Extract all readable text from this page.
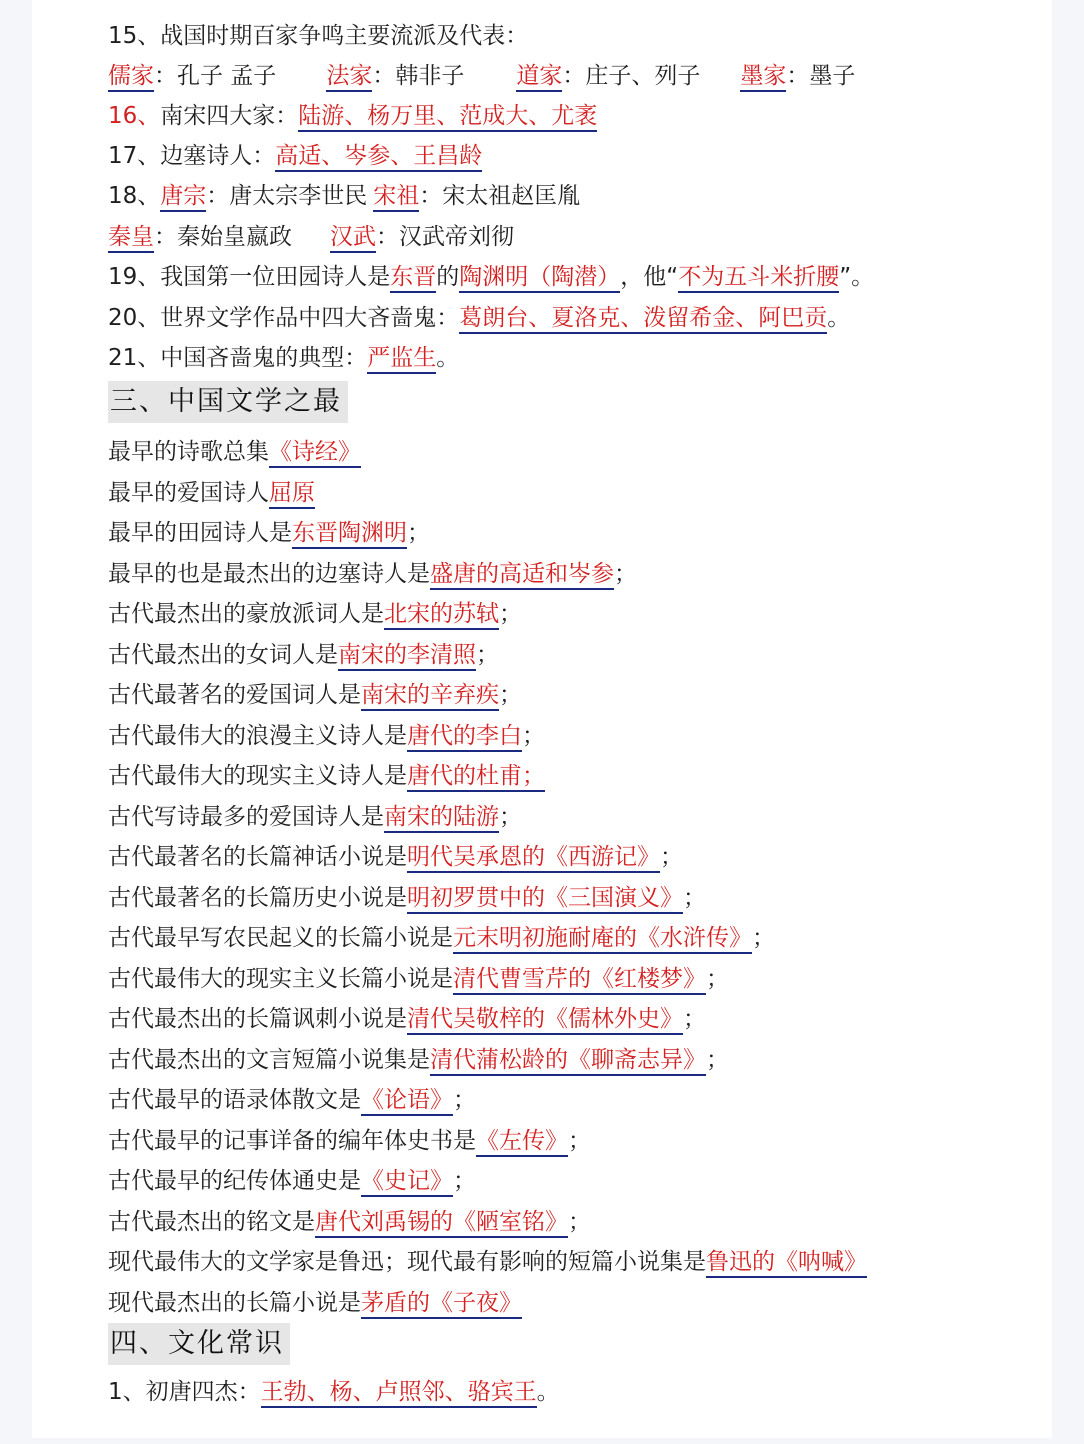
15、战国时期百家争鸣主要流派及代表：
儒家：孔子 孟子 法家：韩非子 道家：庄子、列子 墨家：墨子
16、南宋四大家：陆游、杨万里、范成大、尤袤
17、边塞诗人：高适、岑参、王昌龄
18、唐宗：唐太宗李世民 宋祖：宋太祖赵匡胤
秦皇：秦始皇嬴政 汉武：汉武帝刘彻
19、我国第一位田园诗人是东晋的陶渊明（陶潜），他“不为五斗米折腰”。
20、世界文学作品中四大吝啬鬼：葛朗台、夏洛克、泼留希金、阿巴贡。
21、中国吝啬鬼的典型：严监生。
三、中国文学之最
最早的诗歌总集《诗经》
最早的爱国诗人屈原
最早的田园诗人是东晋陶渊明；
最早的也是最杰出的边塞诗人是盛唐的高适和岑参；
古代最杰出的豪放派词人是北宋的苏轼；
古代最杰出的女词人是南宋的李清照；
古代最著名的爱国词人是南宋的辛弃疾；
古代最伟大的浪漫主义诗人是唐代的李白；
古代最伟大的现实主义诗人是唐代的杜甫；
古代写诗最多的爱国诗人是南宋的陆游；
古代最著名的长篇神话小说是明代吴承恩的《西游记》；
古代最著名的长篇历史小说是明初罗贯中的《三国演义》；
古代最早写农民起义的长篇小说是元末明初施耐庵的《水浒传》；
古代最伟大的现实主义长篇小说是清代曹雪芹的《红楼梦》；
古代最杰出的长篇讽刺小说是清代吴敬梓的《儒林外史》；
古代最杰出的文言短篇小说集是清代蒲松龄的《聊斋志异》；
古代最早的语录体散文是《论语》；
古代最早的记事详备的编年体史书是《左传》；
古代最早的纪传体通史是《史记》；
古代最杰出的铭文是唐代刘禹锡的《陋室铭》；
现代最伟大的文学家是鲁迅；现代最有影响的短篇小说集是鲁迅的《呐喊》
现代最杰出的长篇小说是茅盾的《子夜》
四、文化常识
1、初唐四杰：王勃、杨、卢照邻、骆宾王。
